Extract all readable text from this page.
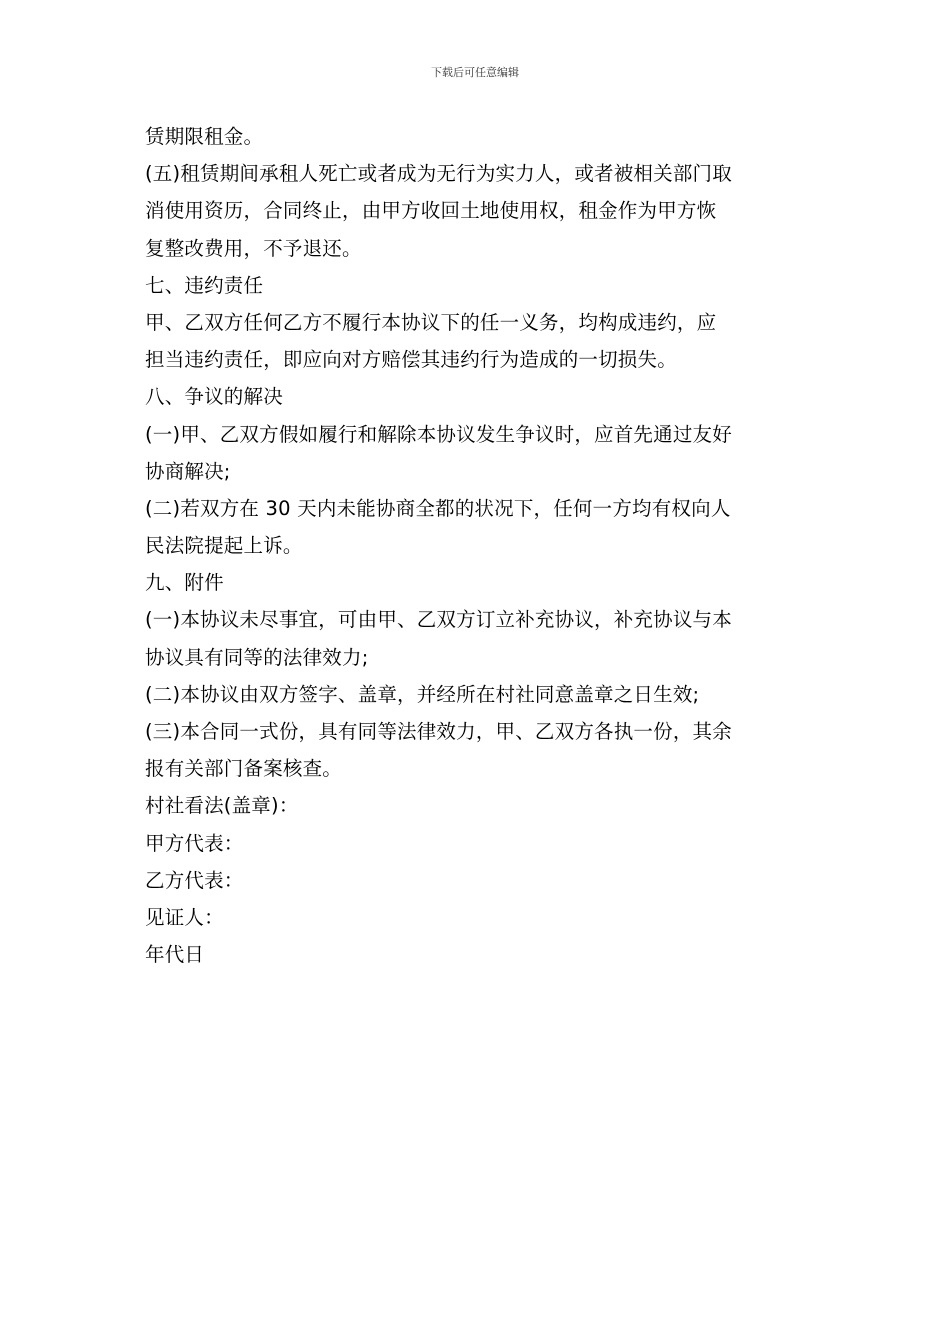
下载后可任意编辑
赁期限租金。
(五)租赁期间承租人死亡或者成为无行为实力人，或者被相关部门取
消使用资历，合同终止，由甲方收回土地使用权，租金作为甲方恢
复整改费用，不予退还。
七、违约责任
甲、乙双方任何乙方不履行本协议下的任一义务，均构成违约，应
担当违约责任，即应向对方赔偿其违约行为造成的一切损失。
八、争议的解决
(一)甲、乙双方假如履行和解除本协议发生争议时，应首先通过友好
协商解决;
(二)若双方在 30 天内未能协商全都的状况下，任何一方均有权向人
民法院提起上诉。
九、附件
(一)本协议未尽事宜，可由甲、乙双方订立补充协议，补充协议与本
协议具有同等的法律效力;
(二)本协议由双方签字、盖章，并经所在村社同意盖章之日生效;
(三)本合同一式份，具有同等法律效力，甲、乙双方各执一份，其余
报有关部门备案核查。
村社看法(盖章)：
甲方代表：
乙方代表：
见证人：
年代日
